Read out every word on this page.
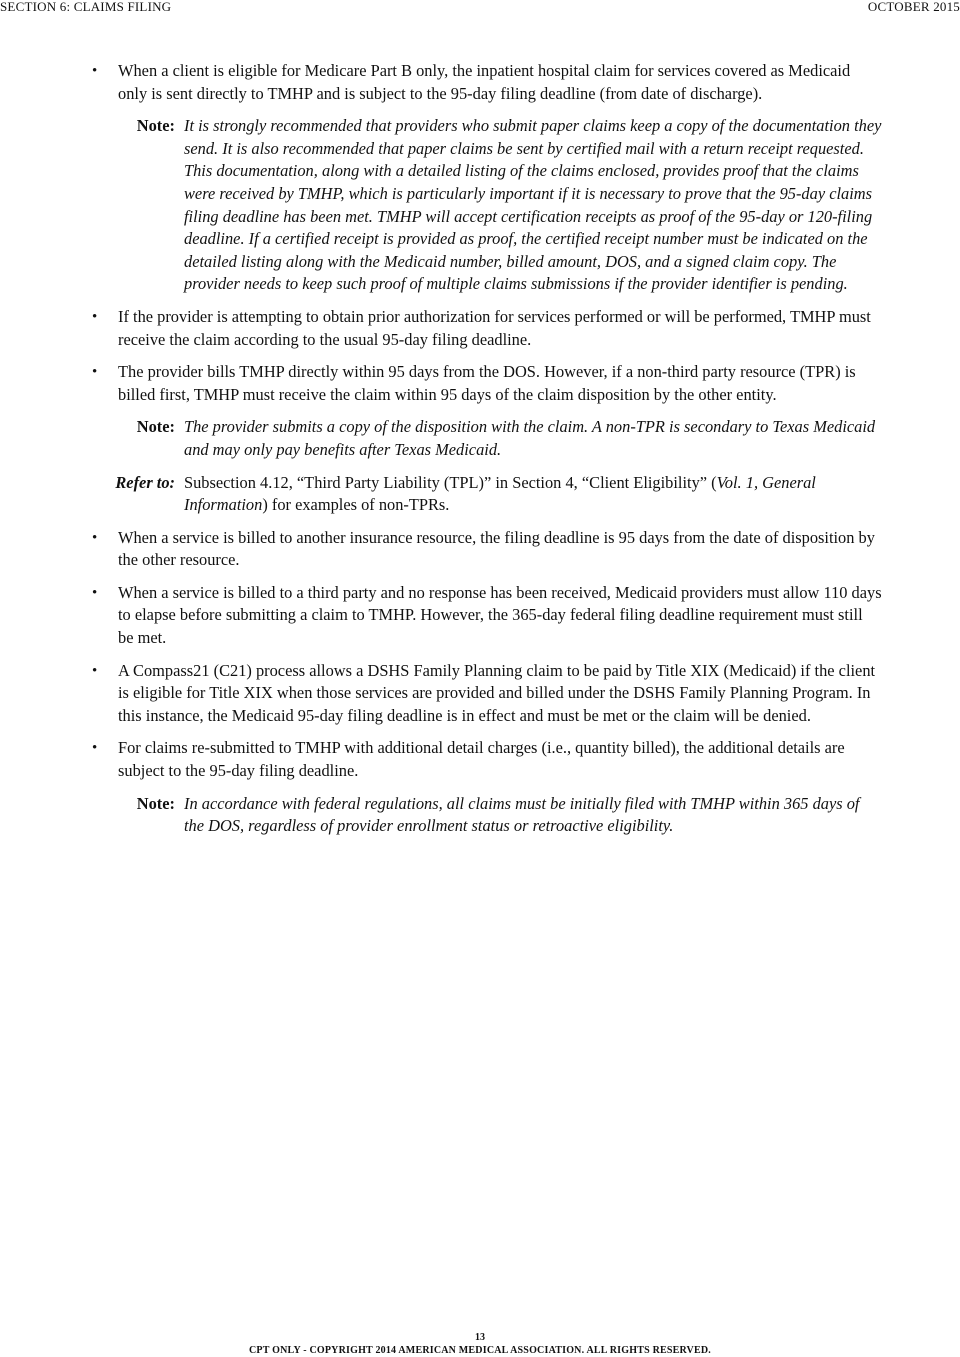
SECTION 6: CLAIMS FILING	OCTOBER 2015

• When a client is eligible for Medicare Part B only, the inpatient hospital claim for services covered as Medicaid only is sent directly to TMHP and is subject to the 95-day filing deadline (from date of discharge).

Note: It is strongly recommended that providers who submit paper claims keep a copy of the documentation they send. It is also recommended that paper claims be sent by certified mail with a return receipt requested. This documentation, along with a detailed listing of the claims enclosed, provides proof that the claims were received by TMHP, which is particularly important if it is necessary to prove that the 95-day claims filing deadline has been met. TMHP will accept certification receipts as proof of the 95-day or 120-filing deadline. If a certified receipt is provided as proof, the certified receipt number must be indicated on the detailed listing along with the Medicaid number, billed amount, DOS, and a signed claim copy. The provider needs to keep such proof of multiple claims submissions if the provider identifier is pending.

• If the provider is attempting to obtain prior authorization for services performed or will be performed, TMHP must receive the claim according to the usual 95-day filing deadline.

• The provider bills TMHP directly within 95 days from the DOS. However, if a non-third party resource (TPR) is billed first, TMHP must receive the claim within 95 days of the claim disposition by the other entity.

Note: The provider submits a copy of the disposition with the claim. A non-TPR is secondary to Texas Medicaid and may only pay benefits after Texas Medicaid.
Refer to: Subsection 4.12, “Third Party Liability (TPL)” in Section 4, “Client Eligibility” (Vol. 1, General Information) for examples of non-TPRs.

• When a service is billed to another insurance resource, the filing deadline is 95 days from the date of disposition by the other resource.

• When a service is billed to a third party and no response has been received, Medicaid providers must allow 110 days to elapse before submitting a claim to TMHP. However, the 365-day federal filing deadline requirement must still be met.

• A Compass21 (C21) process allows a DSHS Family Planning claim to be paid by Title XIX (Medicaid) if the client is eligible for Title XIX when those services are provided and billed under the DSHS Family Planning Program. In this instance, the Medicaid 95-day filing deadline is in effect and must be met or the claim will be denied.

• For claims re-submitted to TMHP with additional detail charges (i.e., quantity billed), the additional details are subject to the 95-day filing deadline.

Note: In accordance with federal regulations, all claims must be initially filed with TMHP within 365 days of the DOS, regardless of provider enrollment status or retroactive eligibility.
13
CPT ONLY - COPYRIGHT 2014 AMERICAN MEDICAL ASSOCIATION. ALL RIGHTS RESERVED.
